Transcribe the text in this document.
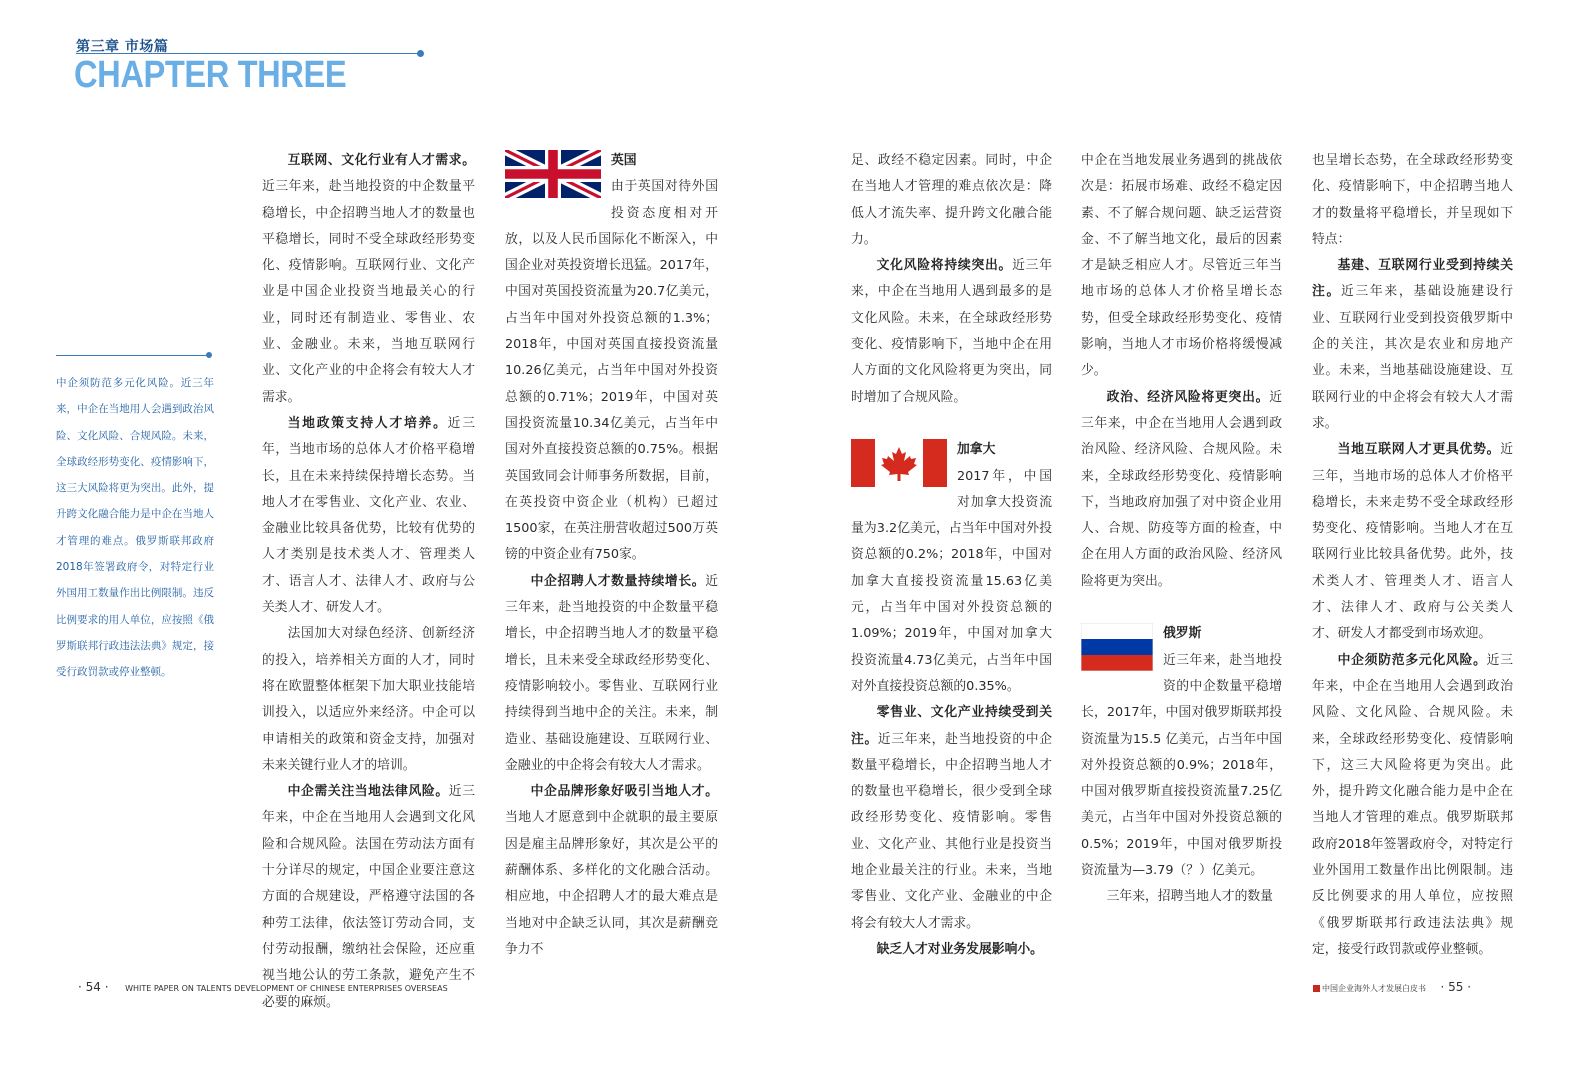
第三章 市场篇
CHAPTER THREE
中企须防范多元化风险。近三年来，中企在当地用人会遇到政治风险、文化风险、合规风险。未来，全球政经形势变化、疫情影响下，这三大风险将更为突出。此外，提升跨文化融合能力是中企在当地人才管理的难点。俄罗斯联邦政府2018年签署政府令，对特定行业外国用工数量作出比例限制。违反比例要求的用人单位，应按照《俄罗斯联邦行政违法法典》规定，接受行政罚款或停业整顿。

互联网、文化行业有人才需求。近三年来，赴当地投资的中企数量平稳增长，中企招聘当地人才的数量也平稳增长，同时不受全球政经形势变化、疫情影响。互联网行业、文化产业是中国企业投资当地最关心的行业，同时还有制造业、零售业、农业、金融业。未来，当地互联网行业、文化产业的中企将会有较大人才需求。

当地政策支持人才培养。近三年，当地市场的总体人才价格平稳增长，且在未来持续保持增长态势。当地人才在零售业、文化产业、农业、金融业比较具备优势，比较有优势的人才类别是技术类人才、管理类人才、语言人才、法律人才、政府与公关类人才、研发人才。

法国加大对绿色经济、创新经济的投入，培养相关方面的人才，同时将在欧盟整体框架下加大职业技能培训投入，以适应外来经济。中企可以申请相关的政策和资金支持，加强对未来关键行业人才的培训。

中企需关注当地法律风险。近三年来，中企在当地用人会遇到文化风险和合规风险。法国在劳动法方面有十分详尽的规定，中国企业要注意这方面的合规建设，严格遵守法国的各种劳工法律，依法签订劳动合同，支付劳动报酬，缴纳社会保险，还应重视当地公认的劳工条款，避免产生不必要的麻烦。

英国
由于英国对待外国投资态度相对开放，以及人民币国际化不断深入，中国企业对英投资增长迅猛。2017年，中国对英国投资流量为20.7亿美元，占当年中国对外投资总额的1.3%；2018年，中国对英国直接投资流量10.26亿美元，占当年中国对外投资总额的0.71%；2019年，中国对英国投资流量10.34亿美元，占当年中国对外直接投资总额的0.75%。根据英国致同会计师事务所数据，目前，在英投资中资企业（机构）已超过1500家，在英注册营收超过500万英镑的中资企业有750家。

中企招聘人才数量持续增长。近三年来，赴当地投资的中企数量平稳增长，中企招聘当地人才的数量平稳增长，且未来受全球政经形势变化、疫情影响较小。零售业、互联网行业持续得到当地中企的关注。未来，制造业、基础设施建设、互联网行业、金融业的中企将会有较大人才需求。

中企品牌形象好吸引当地人才。当地人才愿意到中企就职的最主要原因是雇主品牌形象好，其次是公平的薪酬体系、多样化的文化融合活动。相应地，中企招聘人才的最大难点是当地对中企缺乏认同，其次是薪酬竞争力不

足、政经不稳定因素。同时，中企在当地人才管理的难点依次是：降低人才流失率、提升跨文化融合能力。

文化风险将持续突出。近三年来，中企在当地用人遇到最多的是文化风险。未来，在全球政经形势变化、疫情影响下，当地中企在用人方面的文化风险将更为突出，同时增加了合规风险。

加拿大
2017年，中国对加拿大投资流量为3.2亿美元，占当年中国对外投资总额的0.2%；2018年，中国对加拿大直接投资流量15.63亿美元，占当年中国对外投资总额的1.09%；2019年，中国对加拿大投资流量4.73亿美元，占当年中国对外直接投资总额的0.35%。

零售业、文化产业持续受到关注。近三年来，赴当地投资的中企数量平稳增长，中企招聘当地人才的数量也平稳增长，很少受到全球政经形势变化、疫情影响。零售业、文化产业、其他行业是投资当地企业最关注的行业。未来，当地零售业、文化产业、金融业的中企将会有较大人才需求。

缺乏人才对业务发展影响小。

中企在当地发展业务遇到的挑战依次是：拓展市场难、政经不稳定因素、不了解合规问题、缺乏运营资金、不了解当地文化，最后的因素才是缺乏相应人才。尽管近三年当地市场的总体人才价格呈增长态势，但受全球政经形势变化、疫情影响，当地人才市场价格将缓慢减少。

政治、经济风险将更突出。近三年来，中企在当地用人会遇到政治风险、经济风险、合规风险。未来，全球政经形势变化、疫情影响下，当地政府加强了对中资企业用人、合规、防疫等方面的检查，中企在用人方面的政治风险、经济风险将更为突出。

俄罗斯
近三年来，赴当地投资的中企数量平稳增长，2017年，中国对俄罗斯联邦投资流量为15.5 亿美元，占当年中国对外投资总额的0.9%；2018年，中国对俄罗斯直接投资流量7.25亿美元，占当年中国对外投资总额的0.5%；2019年，中国对俄罗斯投资流量为—3.79（？）亿美元。

三年来，招聘当地人才的数量

也呈增长态势，在全球政经形势变化、疫情影响下，中企招聘当地人才的数量将平稳增长，并呈现如下特点：

基建、互联网行业受到持续关注。近三年来，基础设施建设行业、互联网行业受到投资俄罗斯中企的关注，其次是农业和房地产业。未来，当地基础设施建设、互联网行业的中企将会有较大人才需求。

当地互联网人才更具优势。近三年，当地市场的总体人才价格平稳增长，未来走势不受全球政经形势变化、疫情影响。当地人才在互联网行业比较具备优势。此外，技术类人才、管理类人才、语言人才、法律人才、政府与公关类人才、研发人才都受到市场欢迎。

中企须防范多元化风险。近三年来，中企在当地用人会遇到政治风险、文化风险、合规风险。未来，全球政经形势变化、疫情影响下，这三大风险将更为突出。此外，提升跨文化融合能力是中企在当地人才管理的难点。俄罗斯联邦政府2018年签署政府令，对特定行业外国用工数量作出比例限制。违反比例要求的用人单位，应按照《俄罗斯联邦行政违法法典》规定，接受行政罚款或停业整顿。

· 54 · WHITE PAPER ON TALENTS DEVELOPMENT OF CHINESE ENTERPRISES OVERSEAS	中国企业海外人才发展白皮书 · 55 ·
